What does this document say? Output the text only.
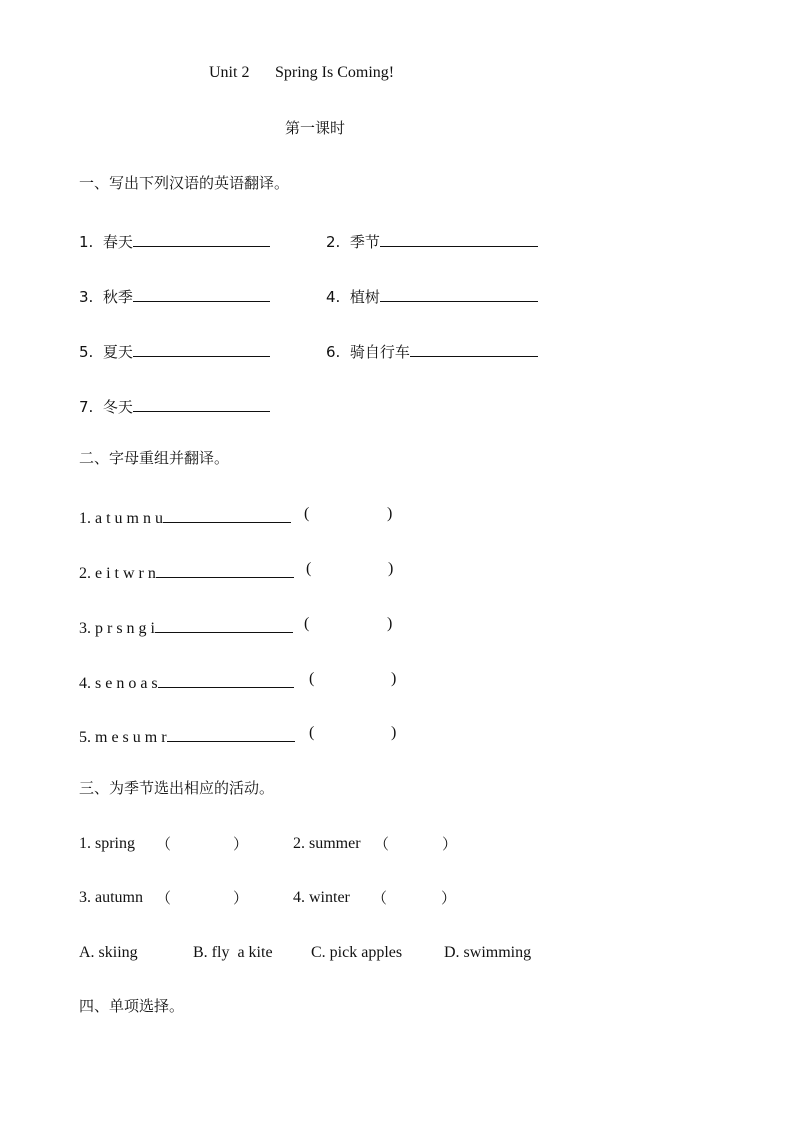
Unit 2 Spring Is Coming!
第一课时
一、写出下列汉语的英语翻译。
1.  春天	2.  季节
3.  秋季	4.  植树
5.  夏天	6.  骑自行车
7.  冬天
二、字母重组并翻译。
1. a t u m n u	(	)
2. e i t w r n	(	)
3. p r s n g i	(	)
4. s e n o a s	(	)
5. m e s u m r	(	)
三、为季节选出相应的活动。
1. spring （	）	2. summer （	）
3. autumn （	）	4. winter （	）
A. skiing	B. fly  a kite C. pick apples	D. swimming
四、单项选择。
